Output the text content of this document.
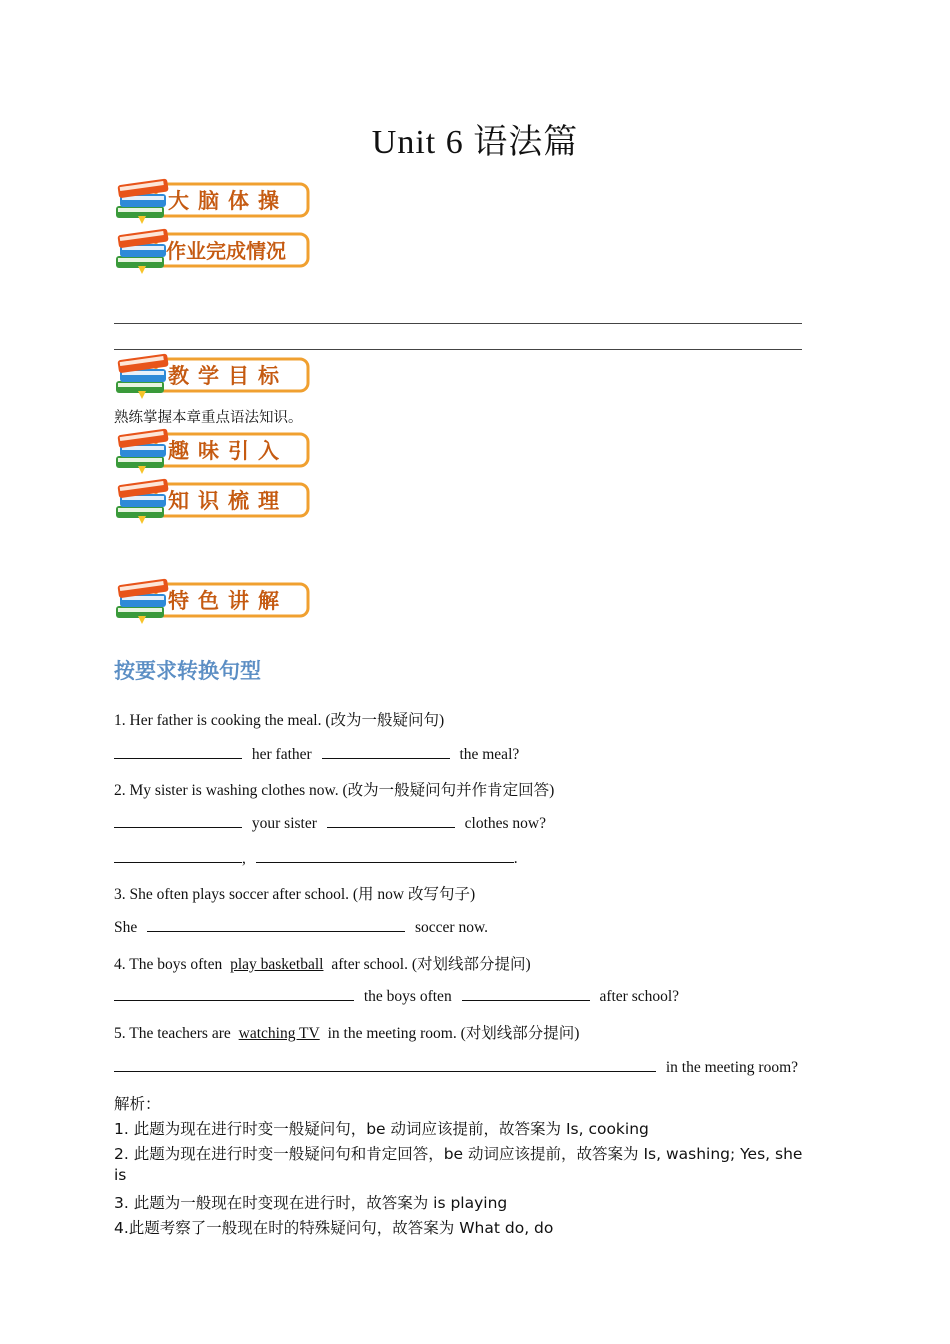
Unit 6 语法篇
大脑体操
作业完成情况
教学目标
熟练掌握本章重点语法知识。
趣味引入
知识梳理
特色讲解
按要求转换句型
1. Her father is cooking the meal. (改为一般疑问句)
her father	the meal?
2. My sister is washing clothes now. (改为一般疑问句并作肯定回答)
your sister	clothes now?
,	.
3. She often plays soccer after school. (用 now 改写句子)
She	soccer now.
4. The boys often play basketball after school. (对划线部分提问)
the boys often	after school?
5. The teachers are watching TV in the meeting room. (对划线部分提问)
in the meeting room?
解析：
1. 此题为现在进行时变一般疑问句，be 动词应该提前，故答案为 Is, cooking
2. 此题为现在进行时变一般疑问句和肯定回答，be 动词应该提前，故答案为 Is, washing; Yes, she
is
3. 此题为一般现在时变现在进行时，故答案为 is playing
4.此题考察了一般现在时的特殊疑问句，故答案为 What do, do
